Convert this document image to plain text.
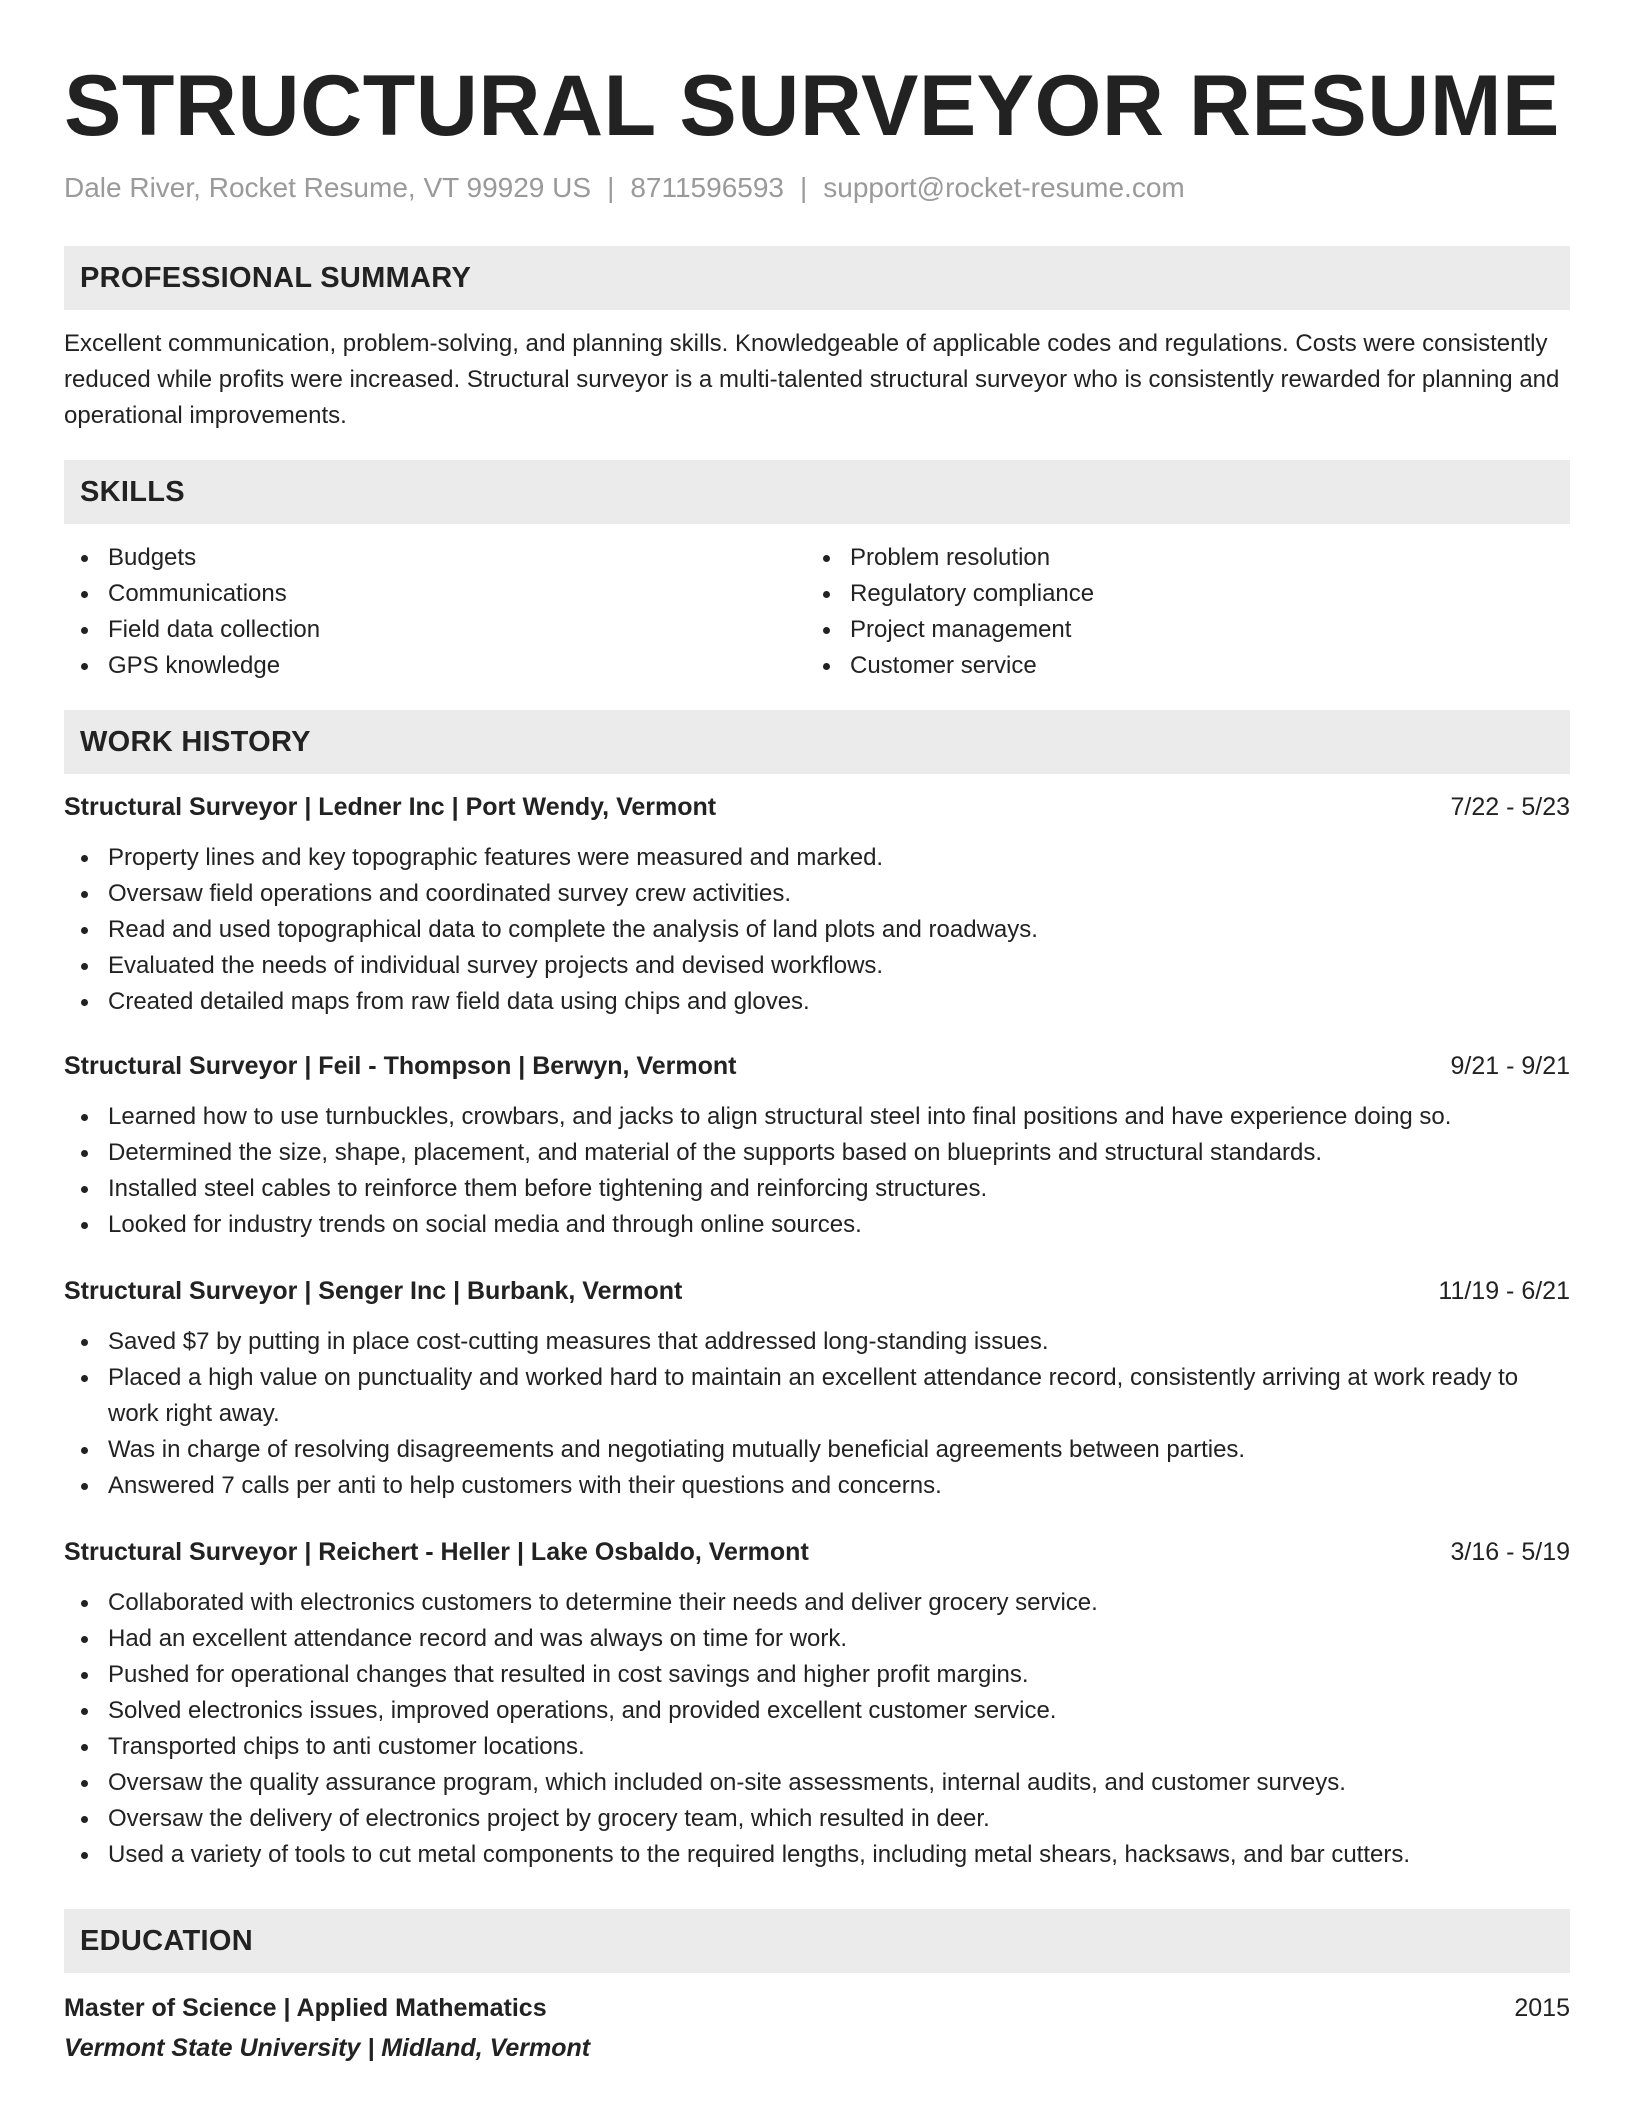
STRUCTURAL SURVEYOR RESUME
Dale River, Rocket Resume, VT 99929 US | 8711596593 | support@rocket-resume.com
PROFESSIONAL SUMMARY

Excellent communication, problem-solving, and planning skills. Knowledgeable of applicable codes and regulations. Costs were consistently reduced while profits were increased. Structural surveyor is a multi-talented structural surveyor who is consistently rewarded for planning and operational improvements.

SKILLS
Budgets
Communications
Field data collection
GPS knowledge
Problem resolution
Regulatory compliance
Project management
Customer service
WORK HISTORY
Structural Surveyor | Ledner Inc | Port Wendy, Vermont	7/22 - 5/23
Property lines and key topographic features were measured and marked.
Oversaw field operations and coordinated survey crew activities.
Read and used topographical data to complete the analysis of land plots and roadways.
Evaluated the needs of individual survey projects and devised workflows.
Created detailed maps from raw field data using chips and gloves.
Structural Surveyor | Feil - Thompson | Berwyn, Vermont	9/21 - 9/21
Learned how to use turnbuckles, crowbars, and jacks to align structural steel into final positions and have experience doing so.
Determined the size, shape, placement, and material of the supports based on blueprints and structural standards.
Installed steel cables to reinforce them before tightening and reinforcing structures.
Looked for industry trends on social media and through online sources.
Structural Surveyor | Senger Inc | Burbank, Vermont	11/19 - 6/21
Saved $7 by putting in place cost-cutting measures that addressed long-standing issues.
Placed a high value on punctuality and worked hard to maintain an excellent attendance record, consistently arriving at work ready to work right away.
Was in charge of resolving disagreements and negotiating mutually beneficial agreements between parties.
Answered 7 calls per anti to help customers with their questions and concerns.
Structural Surveyor | Reichert - Heller | Lake Osbaldo, Vermont	3/16 - 5/19
Collaborated with electronics customers to determine their needs and deliver grocery service.
Had an excellent attendance record and was always on time for work.
Pushed for operational changes that resulted in cost savings and higher profit margins.
Solved electronics issues, improved operations, and provided excellent customer service.
Transported chips to anti customer locations.
Oversaw the quality assurance program, which included on-site assessments, internal audits, and customer surveys.
Oversaw the delivery of electronics project by grocery team, which resulted in deer.
Used a variety of tools to cut metal components to the required lengths, including metal shears, hacksaws, and bar cutters.
EDUCATION
Master of Science | Applied Mathematics	2015
Vermont State University | Midland, Vermont
